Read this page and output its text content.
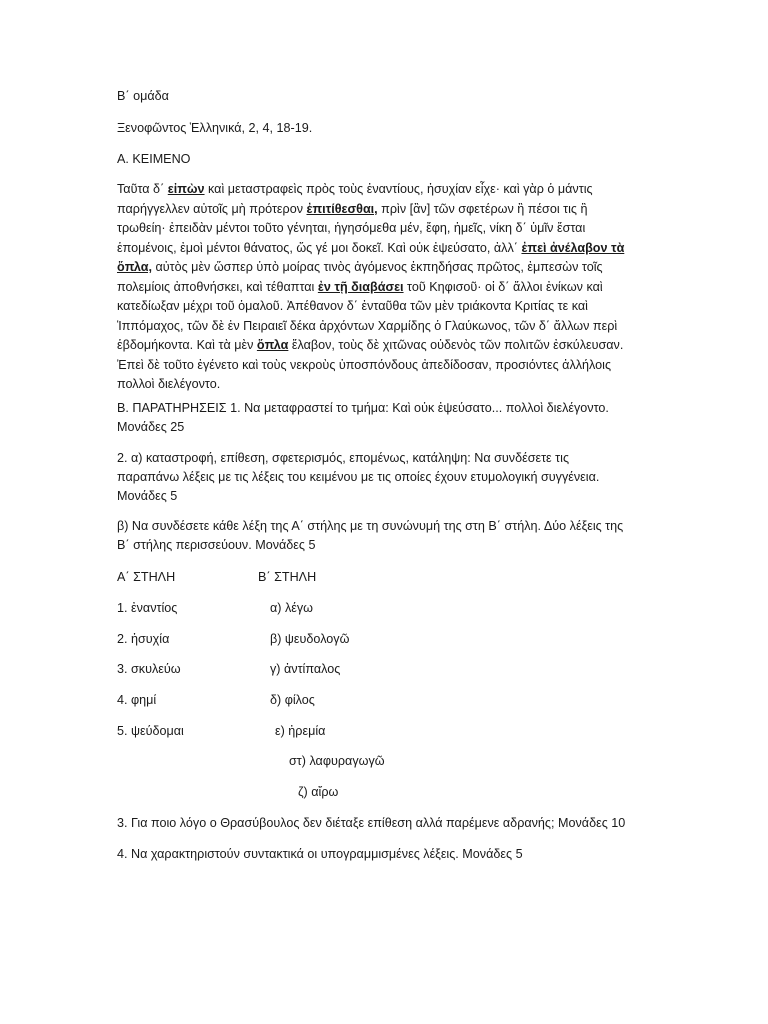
Β΄ ομάδα
Ξενοφῶντος Ἑλληνικά, 2, 4, 18-19.
Α. ΚΕΙΜΕΝΟ
Ταῦτα δ΄ εἰπὼν καὶ μεταστραφεὶς πρὸς τοὺς ἐναντίους, ἡσυχίαν εἶχε· καὶ γὰρ ὁ μάντις
παρήγγελλεν αὐτοῖς μὴ πρότερον ἐπιτίθεσθαι, πρὶν [ἂν] τῶν σφετέρων ἢ πέσοι τις ἢ
τρωθείη· ἐπειδὰν μέντοι τοῦτο γένηται, ἡγησόμεθα μέν, ἔφη, ἡμεῖς, νίκη δ΄ ὑμῖν ἔσται
ἑπομένοις, ἐμοὶ μέντοι θάνατος, ὥς γέ μοι δοκεῖ. Καὶ οὐκ ἐψεύσατο, ἀλλ΄ ἐπεὶ ἀνέλαβον τὰ
ὅπλα, αὐτὸς μὲν ὥσπερ ὑπὸ μοίρας τινὸς ἀγόμενος ἐκπηδήσας πρῶτος, ἐμπεσὼν τοῖς
πολεμίοις ἀποθνήσκει, καὶ τέθαπται ἐν τῇ διαβάσει τοῦ Κηφισοῦ· οἱ δ΄ ἄλλοι ἐνίκων καὶ
κατεδίωξαν μέχρι τοῦ ὁμαλοῦ. Ἀπέθανον δ΄ ἐνταῦθα τῶν μὲν τριάκοντα Κριτίας τε καὶ
Ἱππόμαχος, τῶν δὲ ἐν Πειραιεῖ δέκα ἀρχόντων Χαρμίδης ὁ Γλαύκωνος, τῶν δ΄ ἄλλων περὶ
ἑβδομήκοντα. Καὶ τὰ μὲν ὅπλα ἔλαβον, τοὺς δὲ χιτῶνας οὐδενὸς τῶν πολιτῶν ἐσκύλευσαν.
Ἐπεὶ δὲ τοῦτο ἐγένετο καὶ τοὺς νεκροὺς ὑποσπόνδους ἀπεδίδοσαν, προσιόντες ἀλλήλοις
πολλοὶ διελέγοντο.
Β. ΠΑΡΑΤΗΡΗΣΕΙΣ 1. Να μεταφραστεί το τμήμα: Καὶ οὐκ ἐψεύσατο... πολλοὶ διελέγοντο.
Μονάδες 25
2. α) καταστροφή, επίθεση, σφετερισμός, επομένως, κατάληψη: Να συνδέσετε τις
παραπάνω λέξεις με τις λέξεις του κειμένου με τις οποίες έχουν ετυμολογική συγγένεια.
Μονάδες 5
β) Να συνδέσετε κάθε λέξη της Α΄ στήλης με τη συνώνυμή της στη Β΄ στήλη. Δύο λέξεις της
Β΄ στήλης περισσεύουν. Μονάδες 5
Α΄ ΣΤΗΛΗ	Β΄ ΣΤΗΛΗ
1. ἐναντίος
2. ἡσυχία
3. σκυλεύω
4. φημί
5. ψεύδομαι
α) λέγω
β) ψευδολογῶ
γ) ἀντίπαλος
δ) φίλος
ε) ἠρεμία
στ) λαφυραγωγῶ
ζ) αἴρω
3. Για ποιο λόγο ο Θρασύβουλος δεν διέταξε επίθεση αλλά παρέμενε αδρανής; Μονάδες 10
4. Να χαρακτηριστούν συντακτικά οι υπογραμμισμένες λέξεις. Μονάδες 5
